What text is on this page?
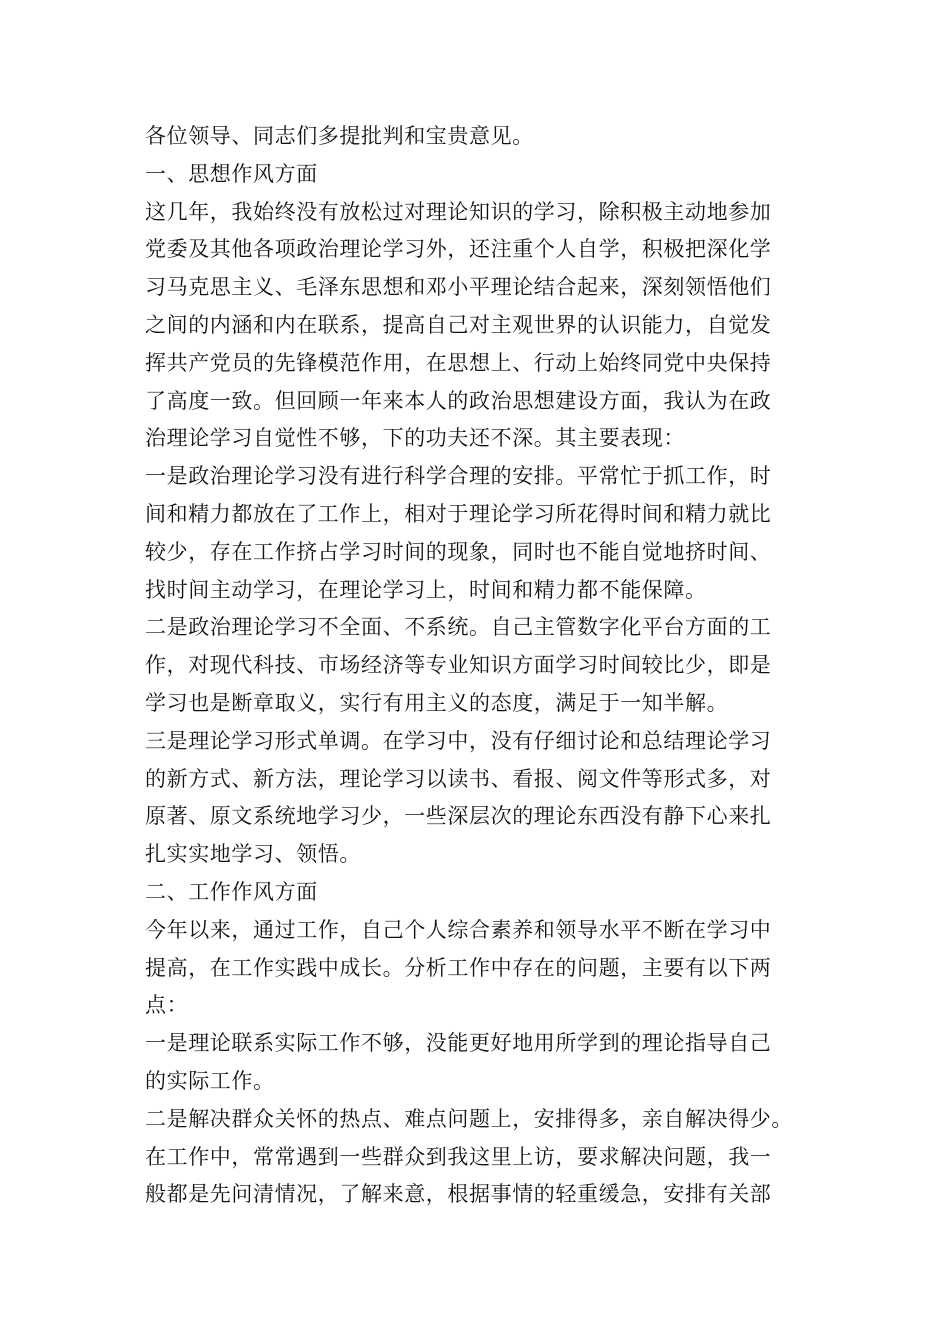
各位领导、同志们多提批判和宝贵意见。
一、思想作风方面
这几年，我始终没有放松过对理论知识的学习，除积极主动地参加
党委及其他各项政治理论学习外，还注重个人自学，积极把深化学
习马克思主义、毛泽东思想和邓小平理论结合起来，深刻领悟他们
之间的内涵和内在联系，提高自己对主观世界的认识能力，自觉发
挥共产党员的先锋模范作用，在思想上、行动上始终同党中央保持
了高度一致。但回顾一年来本人的政治思想建设方面，我认为在政
治理论学习自觉性不够，下的功夫还不深。其主要表现：
一是政治理论学习没有进行科学合理的安排。平常忙于抓工作，时
间和精力都放在了工作上，相对于理论学习所花得时间和精力就比
较少，存在工作挤占学习时间的现象，同时也不能自觉地挤时间、
找时间主动学习，在理论学习上，时间和精力都不能保障。
二是政治理论学习不全面、不系统。自己主管数字化平台方面的工
作，对现代科技、市场经济等专业知识方面学习时间较比少，即是
学习也是断章取义，实行有用主义的态度，满足于一知半解。
三是理论学习形式单调。在学习中，没有仔细讨论和总结理论学习
的新方式、新方法，理论学习以读书、看报、阅文件等形式多，对
原著、原文系统地学习少，一些深层次的理论东西没有静下心来扎
扎实实地学习、领悟。
二、工作作风方面
今年以来，通过工作，自己个人综合素养和领导水平不断在学习中
提高，在工作实践中成长。分析工作中存在的问题，主要有以下两
点：
一是理论联系实际工作不够，没能更好地用所学到的理论指导自己
的实际工作。
二是解决群众关怀的热点、难点问题上，安排得多，亲自解决得少。
在工作中，常常遇到一些群众到我这里上访，要求解决问题，我一
般都是先问清情况，了解来意，根据事情的轻重缓急，安排有关部
